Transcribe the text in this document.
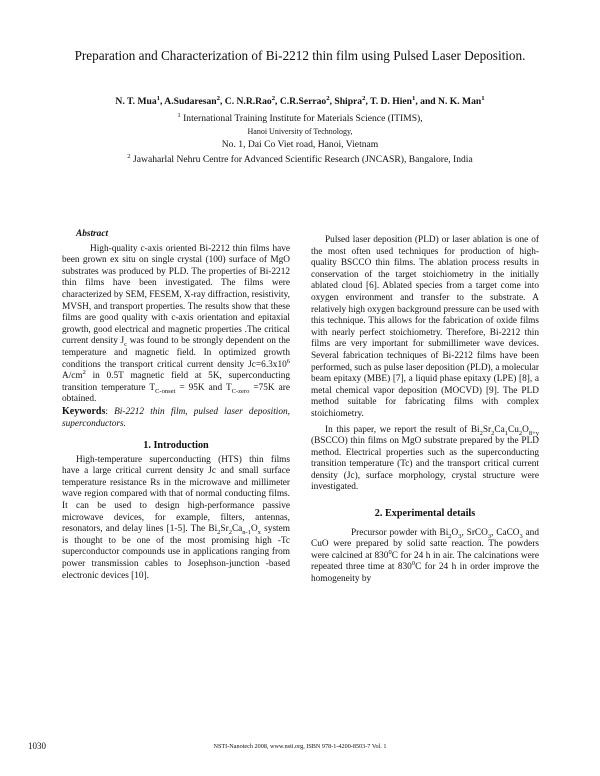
Preparation and Characterization of Bi-2212 thin film using Pulsed Laser Deposition.
N. T. Mua$^1$, A.Sudaresan$^2$, C. N.R.Rao$^2$, C.R.Serrao$^2$, Shipra$^2$, T. D. Hien$^1$, and N. K. Man$^1$
$^1$ International Training Institute for Materials Science (ITIMS),
Hanoi University of Technology,
No. 1, Dai Co Viet road, Hanoi, Vietnam
$^2$ Jawaharlal Nehru Centre for Advanced Scientific Research (JNCASR), Bangalore, India
Abstract

High-quality c-axis oriented Bi-2212 thin films have been grown ex situ on single crystal (100) surface of MgO substrates was produced by PLD. The properties of Bi-2212 thin films have been investigated. The films were characterized by SEM, FESEM, X-ray diffraction, resistivity, MVSH, and transport properties. The results show that these films are good quality with c-axis orientation and epitaxial growth, good electrical and magnetic properties .The critical current density $J_c$ was found to be strongly dependent on the temperature and magnetic field. In optimized growth conditions the transport critical current density $Jc=6.3x10^6$ $A/cm^2$ in 0.5T magnetic field at 5K, superconducting transition temperature $T_{C-onset} = 95K$ and $T_{C-zero} =75K$ are obtained.

Keywords: Bi-2212 thin film, pulsed laser deposition, superconductors.

1. Introduction

High-temperature superconducting (HTS) thin films have a large critical current density Jc and small surface temperature resistance Rs in the microwave and millimeter wave region compared with that of normal conducting films. It can be used to design high-performance passive microwave devices, for example, filters, antennas, resonators, and delay lines [1-5]. The $Bi_2Sr_2Ca_{n-1}O_x$ system is thought to be one of the most promising high -Tc superconductor compounds use in applications ranging from power transmission cables to Josephson-junction -based electronic devices [10].

Pulsed laser deposition (PLD) or laser ablation is one of the most often used techniques for production of high-quality BSCCO thin films. The ablation process results in conservation of the target stoichiometry in the initially ablated cloud [6]. Ablated species from a target come into oxygen environment and transfer to the substrate. A relatively high oxygen background pressure can be used with this technique. This allows for the fabrication of oxide films with nearly perfect stoichiometry. Therefore, Bi-2212 thin films are very important for submillimeter wave devices. Several fabrication techniques of Bi-2212 films have been performed, such as pulse laser deposition (PLD), a molecular beam epitaxy (MBE) [7], a liquid phase epitaxy (LPE) [8], a metal chemical vapor deposition (MOCVD) [9]. The PLD method suitable for fabricating films with complex stoichiometry.

In this paper, we report the result of $Bi_2Sr_2Ca_1Cu_2O_{8+y}$ (BSCCO) thin films on MgO substrate prepared by the PLD method. Electrical properties such as the superconducting transition temperature (Tc) and the transport critical current density (Jc), surface morphology, crystal structure were investigated.

2. Experimental details

Precursor powder with $Bi_2O_3$, SrCO$_3$, CaCO$_3$ and CuO were prepared by solid satte reaction. The powders were calcined at $830^0C$ for 24 h in air. The calcinations were repeated three time at $830^0C$ for 24 h in order improve the homogeneity by

1030	NSTI-Nanotech 2008, www.nsti.org, ISBN 978-1-4200-8503-7 Vol. 1
